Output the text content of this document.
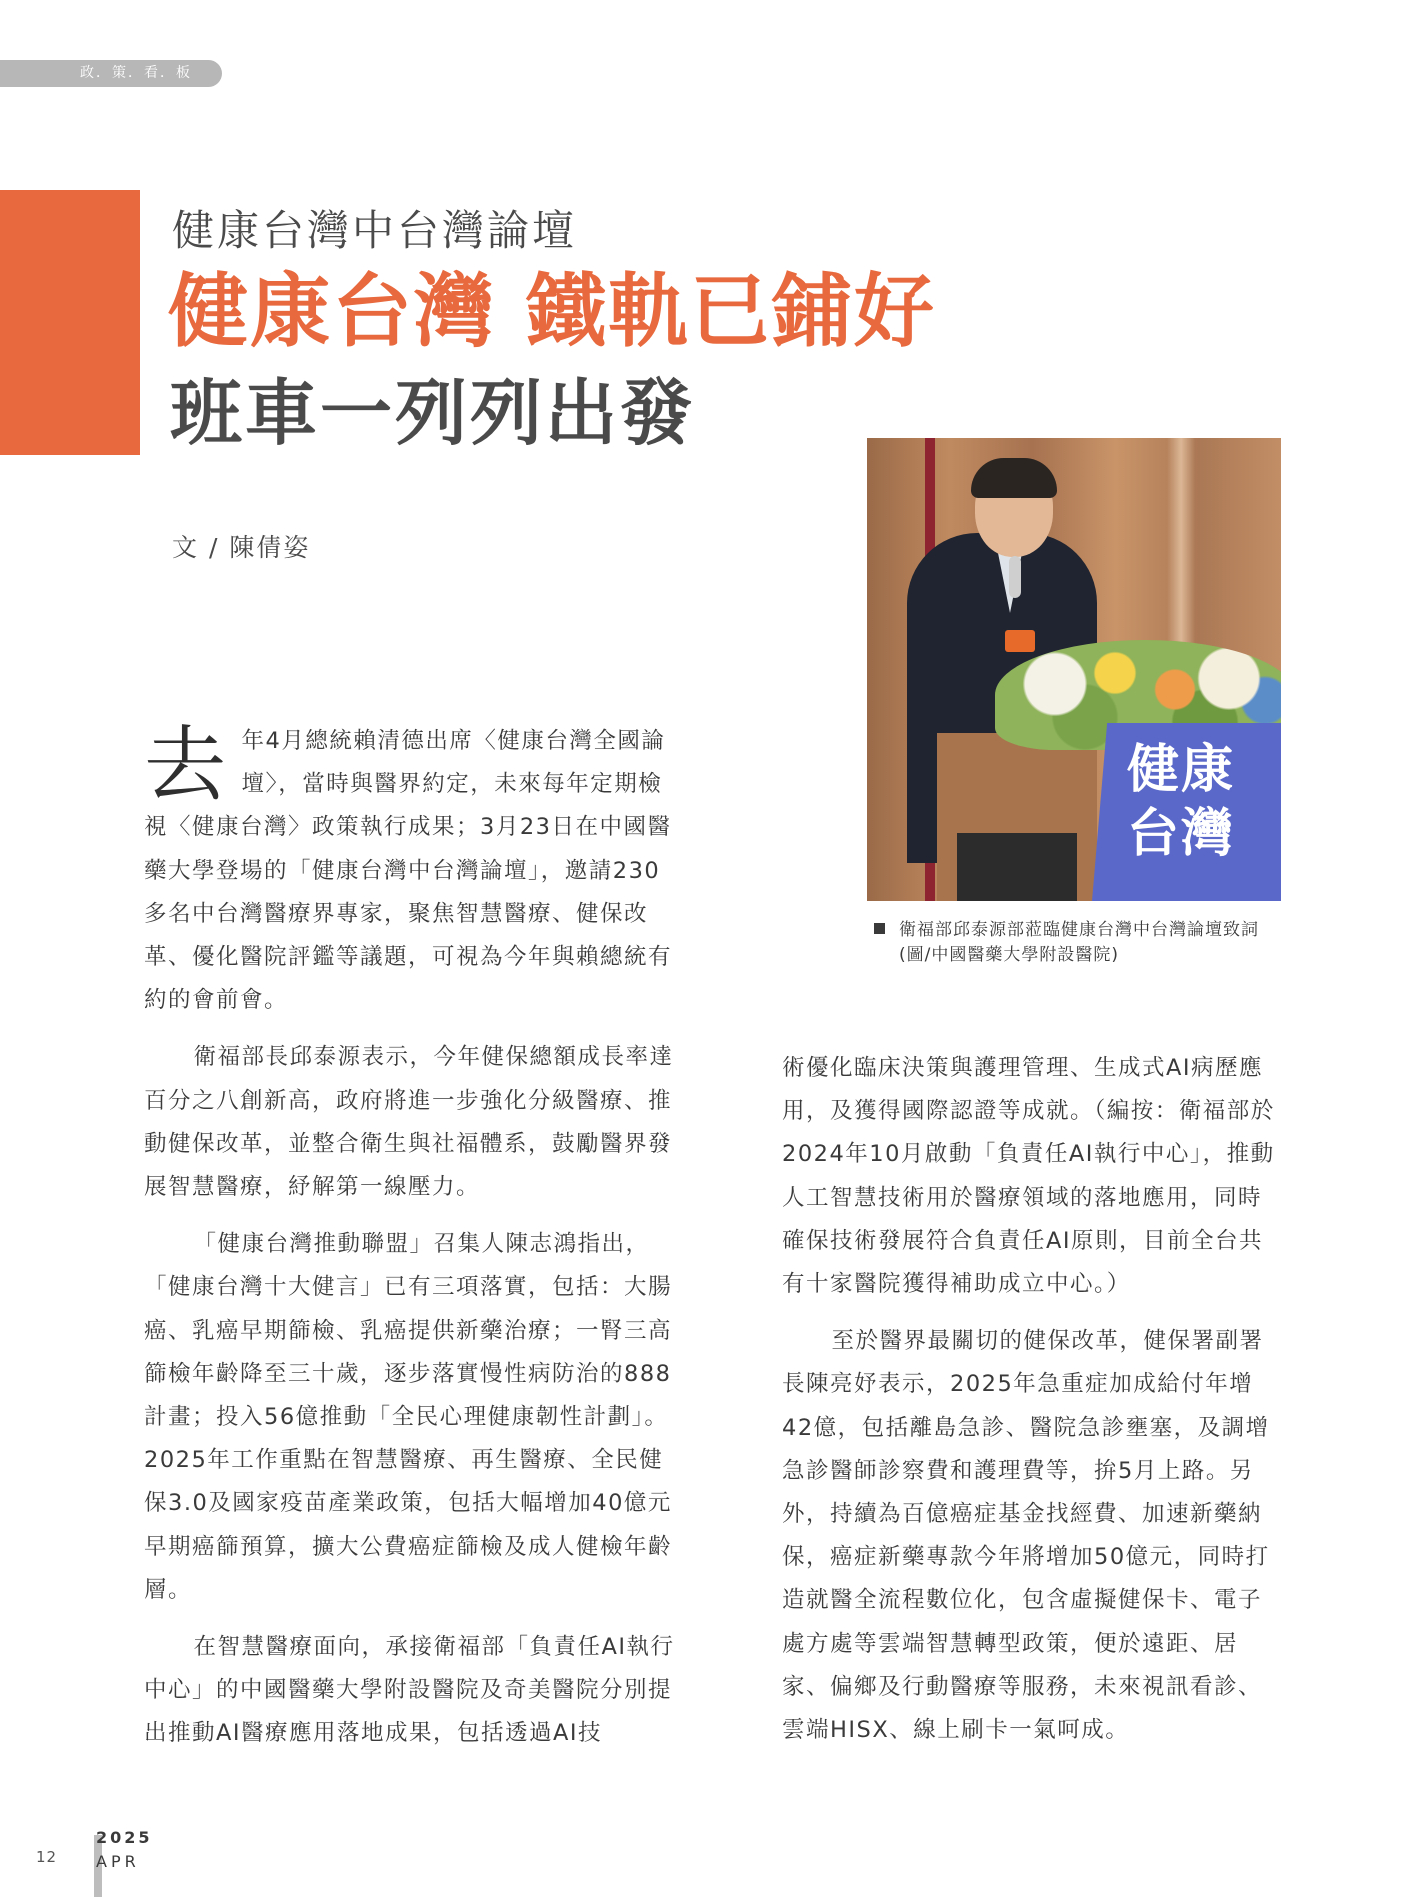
政．策．看．板
健康台灣中台灣論壇
健康台灣 鐵軌已鋪好
班車一列列出發
文 / 陳倩姿
健康台灣
衛福部邱泰源部蒞臨健康台灣中台灣論壇致詞
(圖/中國醫藥大學附設醫院)

去年4月總統賴清德出席〈健康台灣全國論壇〉，當時與醫界約定，未來每年定期檢視〈健康台灣〉政策執行成果；3月23日在中國醫藥大學登場的「健康台灣中台灣論壇」，邀請230多名中台灣醫療界專家，聚焦智慧醫療、健保改革、優化醫院評鑑等議題，可視為今年與賴總統有約的會前會。

衛福部長邱泰源表示，今年健保總額成長率達百分之八創新高，政府將進一步強化分級醫療、推動健保改革，並整合衛生與社福體系，鼓勵醫界發展智慧醫療，紓解第一線壓力。

「健康台灣推動聯盟」召集人陳志鴻指出，「健康台灣十大健言」已有三項落實，包括：大腸癌、乳癌早期篩檢、乳癌提供新藥治療；一腎三高篩檢年齡降至三十歲，逐步落實慢性病防治的888計畫；投入56億推動「全民心理健康韌性計劃」。2025年工作重點在智慧醫療、再生醫療、全民健保3.0及國家疫苗產業政策，包括大幅增加40億元早期癌篩預算，擴大公費癌症篩檢及成人健檢年齡層。

在智慧醫療面向，承接衛福部「負責任AI執行中心」的中國醫藥大學附設醫院及奇美醫院分別提出推動AI醫療應用落地成果，包括透過AI技

術優化臨床決策與護理管理、生成式AI病歷應用，及獲得國際認證等成就。（編按：衛福部於2024年10月啟動「負責任AI執行中心」，推動人工智慧技術用於醫療領域的落地應用，同時確保技術發展符合負責任AI原則，目前全台共有十家醫院獲得補助成立中心。）

至於醫界最關切的健保改革，健保署副署長陳亮妤表示，2025年急重症加成給付年增42億，包括離島急診、醫院急診壅塞，及調增急診醫師診察費和護理費等，拚5月上路。另外，持續為百億癌症基金找經費、加速新藥納保，癌症新藥專款今年將增加50億元，同時打造就醫全流程數位化，包含虛擬健保卡、電子處方處等雲端智慧轉型政策，便於遠距、居家、偏鄉及行動醫療等服務，未來視訊看診、雲端HISX、線上刷卡一氣呵成。

12
2025
APR
